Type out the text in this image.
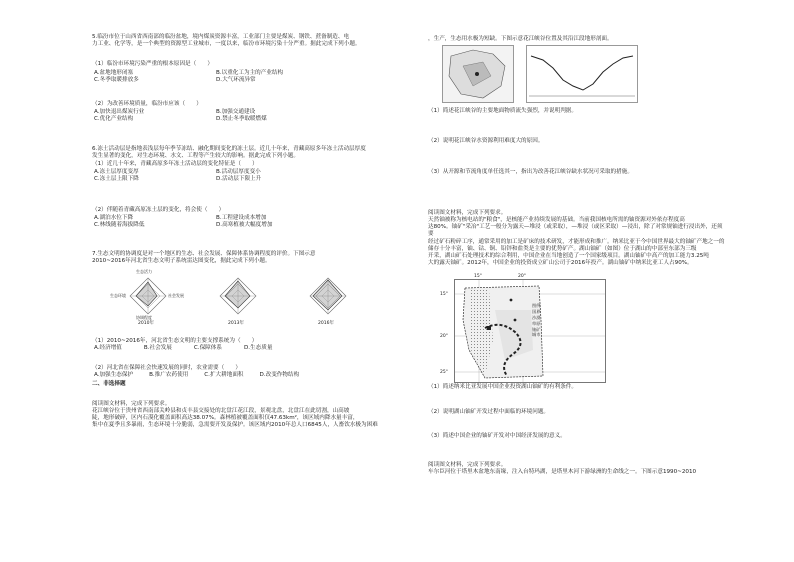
5.临汾市位于山西省西南部的临汾盆地，境内煤炭资源丰富，工业部门主要是煤炭、钢铁、蔗备制造、电

力工业、化学等，是一个典型的资源型工业城市，一度以来，临汾市环境污染十分严重。据此完成下列小题。

（1）临汾市环境污染严重的根本原因是（　　）

A.盆地地形闭塞	B.以重化工为主的产业结构
C.冬季取暖排放多	D.大气环流异常

（2）为改善环境质量，临汾市应该（　　）

A.加快退出煤炭行业	B.加强交通建设
C.优化产业结构	D.禁止冬季取暖燃煤

6.冻土活动层是指地表浅层每年季节冻结、融化期间变化的冻土层。近几十年来，青藏高原多年冻土活动层厚度

发生显著的变化，对生态环境、水文、工程等产生较大的影响。据此完成下列小题。

（1）近几十年来，青藏高原多年冻土活动层的变化特征是（　　）

A.冻土层厚度变厚	B.活动层厚度变小
C.冻土层上限下降	D.活动层下限上升

（2）伴随着青藏高原冻土层的变化，将会使（　　）

A.湖泊水位下降	B.工程建设成本增加
C.林线随着海拔降低	D.高寒植被大幅度增加

7.生态文明的协调度是对一个地区的生态、社会发展、保障体系协调程度的评价。下图示意

2010~2016年河北省生态文明子系统雷达图变化，据此完成下列小题。

2010年	2013年	2016年
生态活力
社会发展
生态环境
协调程度

（1）2010~2016年，河北省生态文明的主要支撑系统为（　　）

A.经济增值	B.社会发展	C.保障体系	D.生态质量

（2）河北省在保障社会快速发展的同时，农业需要（　　）

A.加强生态保护	B.推广农药使用	C.扩大耕地面积	D.改变作物结构

二、非选择题

阅读图文材料，完成下列要求。

花江峡谷位于贵州省西南部关岭县和贞丰县交接处的北盘江花江段，景观北盘，北盘江在此切割，山高坡

陡，地形破碎，区内石漠化覆盖面积高达38.07%。森林植被覆盖面积仅47.63km²，该区域内降水量丰富，

集中在夏季且多暴雨，生态环境十分脆弱，急需要开发及保护。该区域内2010年总人口6845人，人畜饮水极为困难

，生产，生态用水极为短缺。下图示意花江峡谷位置及其沿江段地形剖面。

（1）简述花江峡谷的主要地面物质流失强烈，并说明判据。

（2）说明花江峡谷水资源利用难度大的原因。

（3）从开源和节流角度单任选其一，指出为改善花江峡谷缺水状况可采取的措施。

阅读图文材料，完成下列要求。

天然铀被称为核电站的"粮食"，是核能产业持续发展的基础。当前我国核电所需的铀资源对外依存程度高

达80%。铀矿"采冶"工艺一般分为露天—堆浸（或采取），—堆浸（或区采取）—浸出，除了对常规铀进行浸出外，还须要

经过矿石粉碎工序，通常采用的加工是矿床的技术研发，才能形成和推广。纳米比亚于今中国世界最大的铀矿产地之一的

储存十分丰富，铀、钴、铜、铅锌和盐类是主要的优势矿产。湖山铀矿（如图）位于湖山的中部至东部为三级

开采，湖山矿石处理技术的综合利用，中国企业在当地创造了一个国家级项目。湖山铀矿中高产的加工能力3.25吨

大的露天铀矿。2012年，中国企业的投资成立矿山公司于2016年投产。湖山铀矿中纳米比亚工人占90%。

15°	20°
15°
20°
25°
图例
国界
沙漠
草原
铀矿
城市

（1）简述纳米比亚发展中国企业投资湖山铀矿的有利条件。

（2）说明湖山铀矿开发过程中面临的环境问题。

（3）简述中国企业的铀矿开发对中国经济发展的意义。

阅读图文材料，完成下列要求。

车尔臣河位于塔里木盆地东南缘，注入台特玛湖，是塔里木河下游绿洲的生命线之一。下图示意1990~2010
